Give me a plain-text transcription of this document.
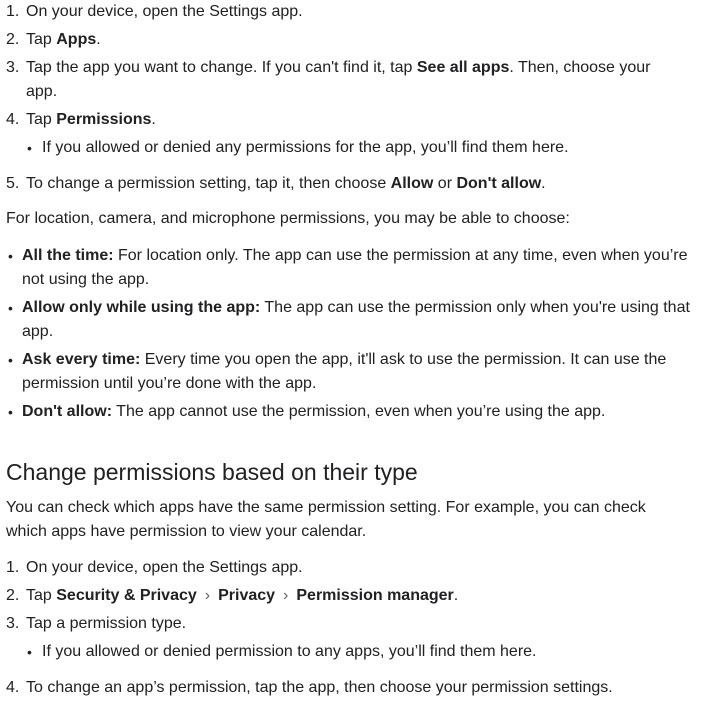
1. On your device, open the Settings app.
2. Tap Apps.
3. Tap the app you want to change. If you can't find it, tap See all apps. Then, choose your
app.
4. Tap Permissions.
• If you allowed or denied any permissions for the app, you’ll find them here.
5. To change a permission setting, tap it, then choose Allow or Don't allow.
For location, camera, and microphone permissions, you may be able to choose:
• All the time: For location only. The app can use the permission at any time, even when you’re
not using the app.
• Allow only while using the app: The app can use the permission only when you're using that
app.
• Ask every time: Every time you open the app, it'll ask to use the permission. It can use the
permission until you’re done with the app.
• Don't allow: The app cannot use the permission, even when you’re using the app.
Change permissions based on their type
You can check which apps have the same permission setting. For example, you can check
which apps have permission to view your calendar.
1. On your device, open the Settings app.
2. Tap Security & Privacy › Privacy › Permission manager.
3. Tap a permission type.
• If you allowed or denied permission to any apps, you’ll find them here.
4. To change an app’s permission, tap the app, then choose your permission settings.
